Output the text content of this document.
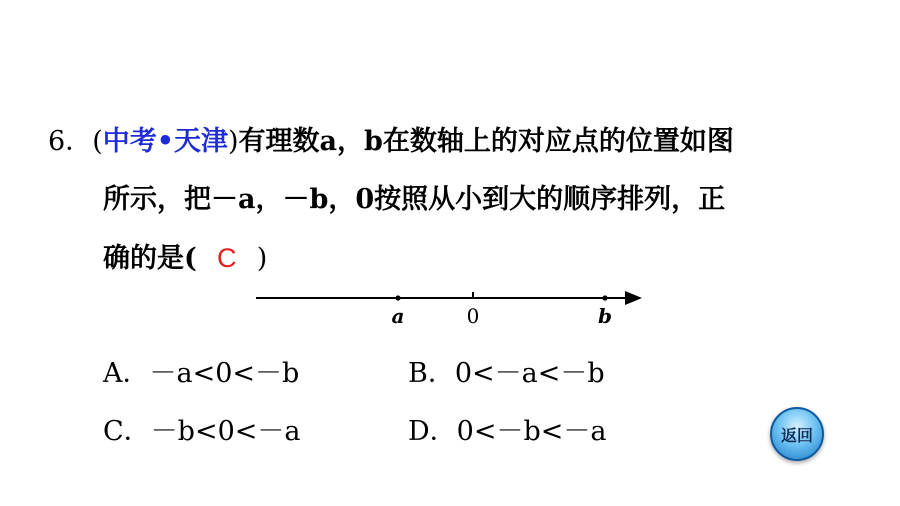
6．(中考•天津)有理数a，b在数轴上的对应点的位置如图
所示，把－a，－b，0按照从小到大的顺序排列，正
确的是( C )
a	0	b
A．－a<0<－b	B．0<－a<－b
C．－b<0<－a	D．0<－b<－a	返回
